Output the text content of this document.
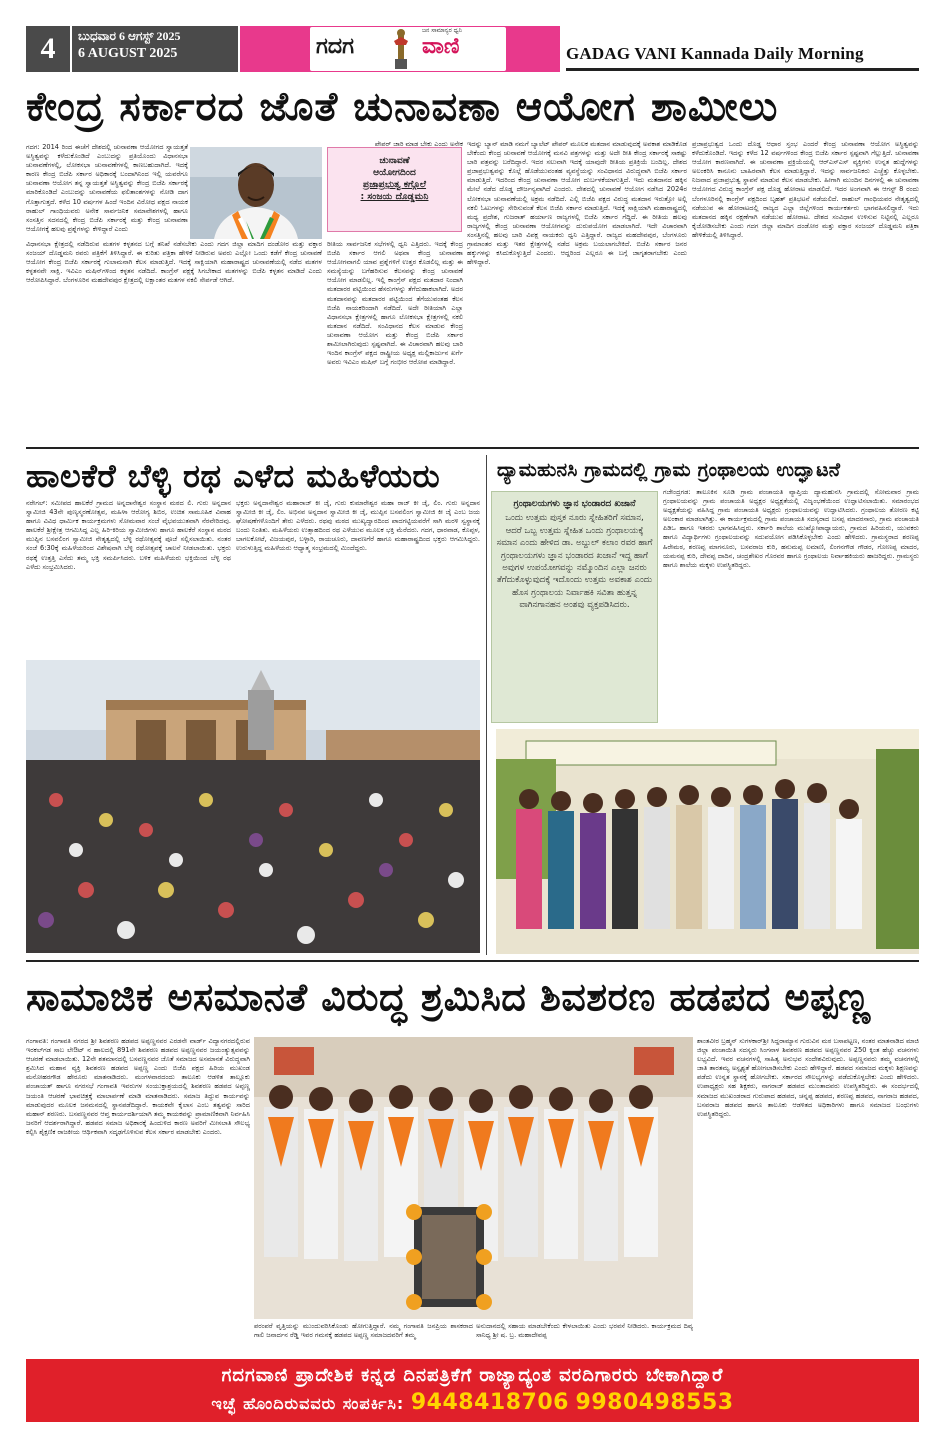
4	ಬುಧವಾರ 6 ಆಗಸ್ಟ್ 2025
6 AUGUST 2025	ಗದಗ
ಜನ ಸಾಮಾನ್ಯರ ಧ್ವನಿ
ವಾಣಿ	GADAG VANI Kannada Daily Morning
ಕೇಂದ್ರ ಸರ್ಕಾರದ ಜೊತೆ ಚುನಾವಣಾ ಆಯೋಗ ಶಾಮೀಲು
ಗದಗ: 2014 ರಿಂದ ಈಚೆಗೆ ದೇಶದಲ್ಲಿ ಚುನಾವಣಾ ಆಯೋಗದ ಸ್ವಾಯತ್ತತೆ ಅಸ್ಥಿತ್ವವನ್ನು ಕಳೆದುಕೊಂಡಿದೆ ಎಂಬುದನ್ನು ಪ್ರತಿಯೊಂದು ವಿಧಾನಸಭಾ ಚುನಾವಣೆಗಳಲ್ಲಿ, ಲೋಕಸಭಾ ಚುನಾವಣೆಗಳಲ್ಲಿ ಕಾಣಬಹುದಾಗಿದೆ. ಇದಕ್ಕೆ ಕಾರಣ ಕೇಂದ್ರ ಬಿಜೆಪಿ ಸರ್ಕಾರ ಅಧಿಕಾರಕ್ಕೆ ಬಂದಾಗಿನಿಂದ ಇಲ್ಲಿ ಯವರೆಗೂ ಚುನಾವಣಾ ಆಯೋಗ ತನ್ನ ಸ್ವಾಯತ್ತತೆ ಅಸ್ಥಿತ್ವವನ್ನು ಕೇಂದ್ರ ಬಿಜೆಪಿ ಸರ್ಕಾರಕ್ಕೆ ಮಾರಿಕೊಂಡಿದೆ ಎಂಬುದನ್ನು ಚುನಾವಣೆಯ ಫಲಿತಾಂಶಗಳನ್ನು ನೋಡಿ ದಾಗ ಗೊತ್ತಾಗುತ್ತದೆ. ಕಳೆದ 10 ವರ್ಷಗಳ ಹಿಂದೆ ಇಂದಿನ ವಿರೋಧ ಪಕ್ಷದ ನಾಯಕ ರಾಹುಲ್ ಗಾಂಧಿಯವರು ಅನೇಕ ಸಾರ್ವಜನಿಕ ಸಮಾವೇಶಗಳಲ್ಲಿ ಹಾಗೂ ಸಂಸತ್ತಿನ ಸದನದಲ್ಲಿ ಕೇಂದ್ರ ಬಿಜೆಪಿ ಸರ್ಕಾರಕ್ಕೆ ಮತ್ತು ಕೇಂದ್ರ ಚುನಾವಣಾ ಆಯೋಗಕ್ಕೆ ಹಲವು ಪ್ರಶ್ನೆಗಳನ್ನು ಕೇಳಿದ್ದಾರೆ ಎಂದು
ಚುನಾವಣೆ
ಆಯೋಗದಿಂದ
ಪ್ರಜಾಪ್ರಭುತ್ವ ಕಗ್ಗೊಲೆ
: ಸಂಜಯ ದೊಡ್ಡಮನಿ
ಪೇಪರ್ ಜಾರಿ ಮಾಡ ಬೇಕು ಎಂದು ಅನೇಕ
ವಿಧಾನಸಭಾ ಕ್ಷೇತ್ರದಲ್ಲಿ ನಡೆದಿರುವ ಮತಗಳ ಕಳ್ಳತನದ ಬಗ್ಗೆ ತನಿಖೆ ನಡೆಸಬೇಕು ಎಂದು ಗದಗ ಜಿಲ್ಲಾ ಮಾದಿಗ ದಂಡೋರ ಮತ್ತು ವಕ್ತಾರ ಸಂಜಯ್ ದೊಡ್ಡಮನಿ ರವರು ಪತ್ರಿಕೆಗೆ ತಿಳಿಸಿದ್ದಾರೆ. ಈ ಕುರಿತು ಪತ್ರಿಕಾ ಹೇಳಿಕೆ ನೀಡಿರುವ ಅವರು ಎಲ್ಲೋ ಒಂದು ಕಡೆಗೆ ಕೇಂದ್ರ ಚುನಾವಣೆ ಆಯೋಗ ಕೇಂದ್ರ ಬಿಜೆಪಿ ಸರ್ಕಾರಕ್ಕೆ ಗುಲಾಮನಾಗಿ ಕೆಲಸ ಮಾಡುತ್ತಿದೆ. ಇದಕ್ಕೆ ಸಾಕ್ಷಿಯಾಗಿ ಮಹಾರಾಷ್ಟ್ರದ ಚುನಾವಣೆಯಲ್ಲಿ ನಡೆದ ಮತಗಳ ಕಳ್ಳತನವೇ ಸಾಕ್ಷಿ. ಇವಿಎಂ ಮಷಿನ್‌ಗಳಿಂದ ಕಳ್ಳತನ ನಡೆದಿದೆ. ಕಾಂಗ್ರೆಸ್ ಪಕ್ಷಕ್ಕೆ ಸಿಗಬೇಕಾದ ಮತಗಳನ್ನು ಬಿಜೆಪಿ ಕಳ್ಳತನ ಮಾಡಿದೆ ಎಂದು ಆರೋಪಿಸಿದ್ದಾರೆ. ಬೆಂಗಳೂರಿನ ಮಹದೇವಪುರ ಕ್ಷೇತ್ರದಲ್ಲಿ ಲಕ್ಷಾಂತರ ಮತಗಳ ನಕಲಿ ಸೇರ್ಪಡೆ ಆಗಿದೆ.
ರೀತಿಯ ಸಾರ್ವಜನಿಕ ಸಭೆಗಳಲ್ಲಿ ಧ್ವನಿ ಎತ್ತಿದರು. ಇದಕ್ಕೆ ಕೇಂದ್ರ ಬಿಜೆಪಿ ಸರ್ಕಾರ ಆಗಲಿ ಅಥವಾ ಕೇಂದ್ರ ಚುನಾವಣಾ ಆಯೋಗವಾಗಲಿ ಯಾವ ಪ್ರಶ್ನೆಗಳಿಗೆ ಉತ್ತರ ಕೊಡಲಿಲ್ಲ ಮತ್ತು ಈ ಸಮಸ್ಯೆಯನ್ನು ಬಗೆಹರಿಸುವ ಕೆಲಸವನ್ನು ಕೇಂದ್ರ ಚುನಾವಣೆ ಆಯೋಗ ಮಾಡಲಿಲ್ಲ. ಇಲ್ಲಿ ಕಾಂಗ್ರೆಸ್ ಪಕ್ಷದ ಮತದಾರ ನಿಂದಾಗಿ ಮತದಾರರ ಪಟ್ಟಿಯಿಂದ ಹೆಸರುಗಳನ್ನು ತೆಗೆದುಹಾಕಲಾಗಿದೆ. ಅದರ ಮತದಾನವನ್ನು ಮತದಾರರ ಪಟ್ಟಿಯಿಂದ ತೆಗೆಯುವಂತಹ ಕೆಲಸ ಬಿಜೆಪಿ ನಾಯಕರಿಂದಾಗಿ ನಡೆದಿದೆ. ಅದೇ ರೀತಿಯಾಗಿ ಎಲ್ಲಾ ವಿಧಾನಸಭಾ ಕ್ಷೇತ್ರಗಳಲ್ಲಿ ಹಾಗೂ ಲೋಕಸಭಾ ಕ್ಷೇತ್ರಗಳಲ್ಲಿ ನಕಲಿ ಮತದಾನ ನಡೆದಿದೆ. ಸಂವಿಧಾನದ ಕೆಲಸ ಮಾಡುವ ಕೇಂದ್ರ ಚುನಾವಣಾ ಆಯೋಗ ಮತ್ತು ಕೇಂದ್ರ ಬಿಜೆಪಿ ಸರ್ಕಾರ ಶಾಮೀಲಾಗಿರುವುದು ಸ್ಪಷ್ಟವಾಗಿದೆ. ಈ ವಿಚಾರವಾಗಿ ಹಲವು ಬಾರಿ ಇಂದಿನ ಕಾಂಗ್ರೆಸ್ ಪಕ್ಷದ ರಾಷ್ಟ್ರೀಯ ಅಧ್ಯಕ್ಷ ಮಲ್ಲಿಕಾರ್ಜುನ ಖರ್ಗೆ ಅವರು ಇವಿಎಂ ಮಷಿನ್ ಬಗ್ಗೆ ಗಂಭೀರ ಆರೋಪ ಮಾಡಿದ್ದಾರೆ.
ಇದನ್ನು ಬ್ಯಾನ್ ಮಾಡಿ ನಮಗೆ ಬ್ಯಾಲೆಟ್ ಪೇಪರ್ ಮೂಲಕ ಮತದಾನ ಮಾಡುವುದಕ್ಕೆ ಅವಕಾಶ ಮಾಡಿಕೊಡ ಬೇಕೆಂದು ಕೇಂದ್ರ ಚುನಾವಣೆ ಆಯೋಗಕ್ಕೆ ಮನವಿ ಪತ್ರಗಳನ್ನು ಮತ್ತು ಅದೇ ರೀತಿ ಕೇಂದ್ರ ಸರ್ಕಾರಕ್ಕೆ ಸಾಕಷ್ಟು ಬಾರಿ ಪತ್ರವನ್ನು ಬರೆದಿದ್ದಾರೆ. ಇದರ ಸಲುವಾಗಿ ಇದಕ್ಕೆ ಯಾವುದೇ ರೀತಿಯ ಪ್ರತಿಕ್ರಿಯೆ ಬಂದಿಲ್ಲ. ದೇಶದ ಪ್ರಜಾಪ್ರಭುತ್ವವನ್ನು ಕೊಲ್ಲೆ ಹೊಡೆಯುವಂತಹ ವ್ಯವಸ್ಥೆಯನ್ನು ಸಂವಿಧಾನದ ವಿರುದ್ಧವಾಗಿ ಬಿಜೆಪಿ ಸರ್ಕಾರ ಮಾಡುತ್ತಿದೆ. ಇದರಿಂದ ಕೇಂದ್ರ ಚುನಾವಣಾ ಆಯೋಗ ದುರ್ಬಳಕೆಯಾಗುತ್ತಿದೆ. ಇದು ಮತದಾನದ ಹಕ್ಕಿನ ಮೇಲೆ ನಡೆದ ದೊಡ್ಡ ದೌರ್ಜನ್ಯವಾಗಿದೆ ಎಂದರು. ದೇಶದಲ್ಲಿ ಚುನಾವಣೆ ಆಯೋಗ ನಡೆಸಿದ 2024ರ ಲೋಕಸಭಾ ಚುನಾವಣೆಯಲ್ಲಿ ಅಕ್ರಮ ನಡೆದಿದೆ. ಎಲ್ಲಿ ಬಿಜೆಪಿ ಪಕ್ಷದ ವಿರುದ್ಧ ಮತದಾನ ಇರುತ್ತೋ ಅಲ್ಲಿ ನಕಲಿ ಓಟುಗಳನ್ನು ಸೇರಿಸುವಂತೆ ಕೆಲಸ ಬಿಜೆಪಿ ಸರ್ಕಾರ ಮಾಡುತ್ತಿದೆ. ಇದಕ್ಕೆ ಸಾಕ್ಷಿಯಾಗಿ ಮಹಾರಾಷ್ಟ್ರದಲ್ಲಿ ಮಧ್ಯ ಪ್ರದೇಶ, ಗುಜರಾತ್ ಹರ್ಯಾಣ ರಾಜ್ಯಗಳಲ್ಲಿ ಬಿಜೆಪಿ ಸರ್ಕಾರ ಗೆದ್ದಿದೆ. ಈ ರೀತಿಯ ಹಲವು ರಾಜ್ಯಗಳಲ್ಲಿ ಕೇಂದ್ರ ಚುನಾವಣಾ ಆಯೋಗವನ್ನು ದುರುಪಯೋಗ ಮಾಡಲಾಗಿದೆ. ಇದೇ ವಿಚಾರವಾಗಿ ಸಂಸತ್ತಿನಲ್ಲಿ ಹಲವು ಬಾರಿ ವಿಪಕ್ಷ ನಾಯಕರು ಧ್ವನಿ ಎತ್ತಿದ್ದಾರೆ. ರಾಜ್ಯದ ಮಹದೇವಪುರ, ಬೆಂಗಳೂರು ಗ್ರಾಮಾಂತರ ಮತ್ತು ಇತರ ಕ್ಷೇತ್ರಗಳಲ್ಲಿ ನಡೆದ ಅಕ್ರಮ ಬಯಲಾಗಬೇಕಿದೆ. ಬಿಜೆಪಿ ಸರ್ಕಾರ ಜನರ ಹಕ್ಕುಗಳನ್ನು ಕಸಿದುಕೊಳ್ಳುತ್ತಿದೆ ಎಂದರು. ಆದ್ದರಿಂದ ಎಲ್ಲರೂ ಈ ಬಗ್ಗೆ ಜಾಗೃತರಾಗಬೇಕು ಎಂದು ಹೇಳಿದ್ದಾರೆ.
ಪ್ರಜಾಪ್ರಭುತ್ವದ ಒಂದು ದೊಡ್ಡ ಆಧಾರ ಸ್ತಂಭ ಎಂದರೆ ಕೇಂದ್ರ ಚುನಾವಣಾ ಆಯೋಗ ಅಸ್ಥಿತ್ವವನ್ನು ಕಳೆದುಕೊಂಡಿದೆ. ಇದನ್ನು ಕಳೆದ 12 ವರ್ಷಗಳಿಂದ ಕೇಂದ್ರ ಬಿಜೆಪಿ ಸರ್ಕಾರ ಸ್ಪಷ್ಟವಾಗಿ ಗೆಲ್ಲುತ್ತಿದೆ. ಚುನಾವಣಾ ಆಯೋಗ ಕಾರಣವಾಗಿದೆ. ಈ ಚುನಾವಣಾ ಪ್ರಕ್ರಿಯೆಯಲ್ಲಿ ಆರ್‌ಎಸ್‌ಎಸ್ ವ್ಯಕ್ತಿಗಳು ಉನ್ನತ ಹುದ್ದೆಗಳನ್ನು ಅಲಂಕರಿಸಿ ಕಾನೂನು ಬಾಹಿರವಾಗಿ ಕೆಲಸ ಮಾಡುತ್ತಿದ್ದಾರೆ. ಇದನ್ನು ಸಾರ್ವಜನಿಕರು ಎಚ್ಚೆತ್ತು ಕೊಳ್ಳಬೇಕು. ನಿಜವಾದ ಪ್ರಜಾಪ್ರಭುತ್ವ ಸ್ಥಾಪನೆ ಮಾಡುವ ಕೆಲಸ ಮಾಡಬೇಕು. ಹೀಗಾಗಿ ಮುಂದಿನ ದಿನಗಳಲ್ಲಿ ಈ ಚುನಾವಣಾ ಆಯೋಗದ ವಿರುದ್ಧ ಕಾಂಗ್ರೆಸ್ ಪಕ್ಷ ದೊಡ್ಡ ಹೋರಾಟ ಮಾಡಲಿದೆ. ಇದರ ಅಂಗವಾಗಿ ಈ ಆಗಸ್ಟ್ 8 ರಂದು ಬೆಂಗಳೂರಿನಲ್ಲಿ ಕಾಂಗ್ರೆಸ್ ಪಕ್ಷದಿಂದ ಬೃಹತ್ ಪ್ರತಿಭಟನೆ ನಡೆಯಲಿದೆ. ರಾಹುಲ್ ಗಾಂಧಿಯವರ ನೇತೃತ್ವದಲ್ಲಿ ನಡೆಯುವ ಈ ಹೋರಾಟದಲ್ಲಿ ರಾಜ್ಯದ ಎಲ್ಲಾ ಜಿಲ್ಲೆಗಳಿಂದ ಕಾರ್ಯಕರ್ತರು ಭಾಗವಹಿಸಲಿದ್ದಾರೆ. ಇದು ಮತದಾನದ ಹಕ್ಕಿನ ರಕ್ಷಣೆಗಾಗಿ ನಡೆಯುವ ಹೋರಾಟ. ದೇಶದ ಸಂವಿಧಾನ ಉಳಿಸುವ ನಿಟ್ಟಿನಲ್ಲಿ ಎಲ್ಲರೂ ಕೈಜೋಡಿಸಬೇಕು ಎಂದು ಗದಗ ಜಿಲ್ಲಾ ಮಾದಿಗ ದಂಡೋರ ಮತ್ತು ವಕ್ತಾರ ಸಂಜಯ್ ದೊಡ್ಡಮನಿ ಪತ್ರಿಕಾ ಹೇಳಿಕೆಯಲ್ಲಿ ತಿಳಿಸಿದ್ದಾರೆ.
ಹಾಲಕೆರೆ ಬೆಳ್ಳಿ ರಥ ಎಳೆದ ಮಹಿಳೆಯರು
ನರೇಗಲ್: ಸಮೀಪದ ಹಾಲಕೆರೆ ಗ್ರಾಮದ ಅನ್ನದಾನೇಶ್ವರ ಸಂಸ್ಥಾನ ಮಠದ ಲಿ. ಗುರು ಅನ್ನದಾನ ಸ್ವಾಮೀಜಿ 43ನೇ ಪುಣ್ಯಸ್ಮರಣೋತ್ಸವ, ಮಹಿಳಾ ಆರೋಗ್ಯ ಶಿಬಿರ, ಉಚಿತ ಸಾಮೂಹಿಕ ವಿವಾಹ ಹಾಗೂ ವಿವಿಧ ಧಾರ್ಮಿಕ ಕಾರ್ಯಕ್ರಮಗಳು ಸೋಮವಾರ ಸಂಜೆ ವೈಭವಯುತವಾಗಿ ನೆರವೇರಿದವು. ಹಾಲಕೆರೆ ಶ್ರೀಕ್ಷೇತ್ರ ಆಗಮಿಸಿದ್ದ ಎಲ್ಲ ಹಿರಿ-ಕಿರಿಯ ಸ್ವಾಮೀಜಿಗಳು ಹಾಗೂ ಹಾಲಕೆರೆ ಸಂಸ್ಥಾನ ಮಠದ ಮುಪ್ಪಿನ ಬಸವಲಿಂಗ ಸ್ವಾಮೀಜಿ ನೇತೃತ್ವದಲ್ಲಿ ಬೆಳ್ಳಿ ರಥೋತ್ಸವಕ್ಕೆ ಪೂಜೆ ಸಲ್ಲಿಸಲಾಯಿತು. ನಂತರ ಸಂಜೆ 6:30ಕ್ಕೆ ಮಹಿಳೆಯರಿಂದ ವಿಶೇಷವಾಗಿ ಬೆಳ್ಳಿ ರಥೋತ್ಸವಕ್ಕೆ ಚಾಲನೆ ನೀಡಲಾಯಿತು. ಭಕ್ತರು ರಥಕ್ಕೆ ಉತ್ತತ್ತಿ ಎಸೆದು ತಮ್ಮ ಭಕ್ತಿ ಸಮರ್ಪಿಸಿದರು. ಬಳಿಕ ಮಹಿಳೆಯರು ಭಕ್ತಿಯಿಂದ ಬೆಳ್ಳಿ ರಥ ಎಳೆದು ಸಂಭ್ರಮಿಸಿದರು.
ಭಕ್ತರು ಅನ್ನದಾನೇಶ್ವರ ಮಹಾರಾಜ್ ಕೀ ಜೈ, ಗುರು ಕುಮಾರೇಶ್ವರ ಮಹಾ ರಾಜ್ ಕೀ ಜೈ, ಲಿಂ. ಗುರು ಅನ್ನದಾನ ಸ್ವಾಮೀಜಿ ಕೀ ಜೈ, ಲಿಂ. ಅಭಿನವ ಅನ್ನದಾನ ಸ್ವಾಮೀಜಿ ಕೀ ಜೈ, ಮುಪ್ಪಿನ ಬಸವಲಿಂಗ ಸ್ವಾಮೀಜಿ ಕೀ ಜೈ ಎಂಬ ಜಯ ಘೋಷಣೆಗಳೊಂದಿಗೆ ತೇರು ಎಳೆದರು. ರಥವು ಮಠದ ಮುಖ್ಯದ್ವಾರದಿಂದ ಪಾದಗಟ್ಟಿಯವರೆಗೆ ಸಾಗಿ ಮರಳಿ ಸ್ವಸ್ಥಾನಕ್ಕೆ ಬಂದು ನಿಂತಿತು. ಮಹಿಳೆಯರು ಉತ್ಸಾಹದಿಂದ ರಥ ಎಳೆಯುವ ಮೂಲಕ ಭಕ್ತಿ ಮೆರೆದರು. ಗದಗ, ಧಾರವಾಡ, ಕೊಪ್ಪಳ, ಬಾಗಲಕೋಟೆ, ವಿಜಯಪುರ, ಬಳ್ಳಾರಿ, ರಾಯಚೂರು, ದಾವಣಗೆರೆ ಹಾಗೂ ಮಹಾರಾಷ್ಟ್ರದಿಂದ ಭಕ್ತರು ಆಗಮಿಸಿದ್ದರು. ಉರುಳುತ್ತಿದ್ದ ಮಹಿಳೆಯರು ಆಧ್ಯಾತ್ಮ ಸಂಭ್ರಮದಲ್ಲಿ ಮಿಂದೆದ್ದರು.
ದ್ಯಾಮಹುನಸಿ ಗ್ರಾಮದಲ್ಲಿ ಗ್ರಾಮ ಗ್ರಂಥಾಲಯ ಉದ್ಘಾಟನೆ
ಗ್ರಂಥಾಲಯಗಳು ಜ್ಞಾನ ಭಂಡಾರದ ಖಜಾನೆ
ಒಂದು ಉತ್ತಮ ಪುಸ್ತಕ ನೂರು ಸ್ನೇಹಿತರಿಗೆ ಸಮಾನ, ಆದರೆ ಒಬ್ಬ ಉತ್ತಮ ಸ್ನೇಹಿತ ಒಂದು ಗ್ರಂಥಾಲಯಕ್ಕೆ ಸಮಾನ ಎಂದು ಹೇಳಿದ ಡಾ. ಅಬ್ದುಲ್ ಕಲಾಂ ರವರ ಹಾಗೆ ಗ್ರಂಥಾಲಯಗಳು ಜ್ಞಾನ ಭಂಡಾರದ ಖಜಾನೆ ಇದ್ದ ಹಾಗೆ ಅವುಗಳ ಉಪಯೋಗವನ್ನು ನಮ್ಮೊಂದಿನ ಎಲ್ಲಾ ಜನರು ತೆಗೆದುಕೊಳ್ಳುವುದಕ್ಕೆ ಇದೊಂದು ಉತ್ತಮ ಅವಕಾಶ ಎಂದು ಹೊಸ ಗ್ರಂಥಾಲಯ ನಿರ್ವಾಹಕಿ ಸವಿತಾ ಹುತ್ತನ್ನ ವಾಗಿನಗಾನಹನ ಅಂಶವು ವ್ಯಕ್ತಪಡಿಸಿದರು.
ಗಜೇಂದ್ರಗಡ: ತಾಲೂಕಿನ ಸೂಡಿ ಗ್ರಾಮ ಪಂಚಾಯತಿ ವ್ಯಾಪ್ತಿಯ ದ್ಯಾಮಹುನಸಿ ಗ್ರಾಮದಲ್ಲಿ ಸೋಮವಾರ ಗ್ರಾಮ ಗ್ರಂಥಾಲಯವನ್ನು ಗ್ರಾಮ ಪಂಚಾಯತಿ ಅಧ್ಯಕ್ಷರ ಅಧ್ಯಕ್ಷತೆಯಲ್ಲಿ ವಿಜೃಂಭಣೆಯಿಂದ ಉದ್ಘಾಟಿಸಲಾಯಿತು. ಸಮಾರಂಭದ ಅಧ್ಯಕ್ಷತೆಯನ್ನು ವಹಿಸಿದ್ದ ಗ್ರಾಮ ಪಂಚಾಯತಿ ಅಧ್ಯಕ್ಷರು ಗ್ರಂಥಾಲಯವನ್ನು ಉದ್ಘಾಟಿಸಿದರು. ಗ್ರಂಥಾಲಯ ತೋರಣ ಕಟ್ಟಿ ಅಲಂಕಾರ ಮಾಡಲಾಗಿತ್ತು. ಈ ಕಾರ್ಯಕ್ರಮದಲ್ಲಿ ಗ್ರಾಮ ಪಂಚಾಯತಿ ಸದಸ್ಯರಾದ ಬಸಪ್ಪ ಮಾದರಸಾರು, ಗ್ರಾಮ ಪಂಚಾಯತಿ ಪಿಡಿಒ ಹಾಗೂ ಇತರರು ಭಾಗವಹಿಸಿದ್ದರು. ಸರ್ಕಾರಿ ಶಾಲೆಯ ಮುಖ್ಯೋಪಾಧ್ಯಾಯರು, ಗ್ರಾಮದ ಹಿರಿಯರು, ಯುವಕರು ಹಾಗೂ ವಿದ್ಯಾರ್ಥಿಗಳು ಗ್ರಂಥಾಲಯವನ್ನು ಸದುಪಯೋಗ ಪಡಿಸಿಕೊಳ್ಳಬೇಕು ಎಂದು ಹೇಳಿದರು. ಗ್ರಾಮಸ್ಥರಾದ ಶರಣಪ್ಪ ಹಿರೇಮಠ, ಶರಣಪ್ಪ ಮಾಗನೂರು, ಬಸವರಾಜ ಕುರಿ, ಹನುಮಪ್ಪ ಲಮಾಣಿ, ಲಿಂಗನಗೌಡ ಗೌಡರ, ಗೋಣಪ್ಪ ಮಾದರ, ಯಮನಪ್ಪ ಕುರಿ, ದೇವಪ್ಪ ದಾದಿನ, ಚಂದ್ರಶೇಖರ ಗೊರವರ ಹಾಗೂ ಗ್ರಂಥಾಲಯ ನಿರ್ವಾಹಕಿಯರು ಹಾಜರಿದ್ದರು. ಗ್ರಾಮಸ್ಥರು ಹಾಗೂ ಶಾಲೆಯ ಮಕ್ಕಳು ಉಪಸ್ಥಿತರಿದ್ದರು.
ಸಾಮಾಜಿಕ ಅಸಮಾನತೆ ವಿರುದ್ಧ ಶ್ರಮಿಸಿದ ಶಿವಶರಣ ಹಡಪದ ಅಪ್ಪಣ್ಣ
ಗಂಗಾವತಿ: ಗಂಗಾವತಿ ನಗರದ ಶ್ರೀ ಶಿವಶರಣ ಹಡಪದ ಅಪ್ಪಣ್ಣನವರ ಎರಡನೇ ವಾರ್ಡ್ ವಿದ್ಯಾನಗರದಲ್ಲಿರುವ ಇರಕಲ್‌ಗಡ ಸಾಬ ಲೇಔಟ್ ನ ಹಾಲದಲ್ಲಿ 891ನೇ ಶಿವಶರಣ ಹಡಪದ ಅಪ್ಪಣ್ಣನವರ ಜಯಂತ್ಯುತ್ಸವವನ್ನು ಆಚರಣೆ ಮಾಡಲಾಯಿತು. 12ನೇ ಶತಮಾನದಲ್ಲಿ ಬಸವಣ್ಣನವರ ಜೊತೆ ಸಮಾಜದ ಅಸಮಾನತೆ ವಿರುದ್ಧವಾಗಿ ಶ್ರಮಿಸಿದ ಮಹಾನ ವ್ಯಕ್ತಿ ಶಿವಶರಣ ಹಡಪದ ಅಪ್ಪಣ್ಣ ಎಂದು ಬಿಜೆಪಿ ಪಕ್ಷದ ಹಿರಿಯ ಮುಖಂಡ ಮನೋಹರಗೌಡ ಹೇರೂರು ಮಾತನಾಡಿದರು. ಮಂಗಳವಾರದಂದು ತಾಲೂಕು ಆಡಳಿತ ತಾಲ್ಲೂಕು ಪಂಚಾಯತ್ ಹಾಗೂ ನಗರಸಭೆ ಗಂಗಾವತಿ ಇವರುಗಳ ಸಂಯುಕ್ತಾಶ್ರಯದಲ್ಲಿ ಶಿವಶರಣ ಹಡಪದ ಅಪ್ಪಣ್ಣ ಜಯಂತಿ ಆಚರಣೆ ಭಾವಚಿತ್ರಕ್ಕೆ ಮಾಲಾರ್ಪಣೆ ಮಾಡಿ ಮಾತನಾಡಿದರು. ಸಮಾಜ ತಿದ್ದುವ ಕಾರ್ಯವನ್ನು ಮಾಡುವುದರ ಮೂಲಕ ಜನಮನದಲ್ಲಿ ಸ್ಥಾನಪಡೆದಿದ್ದಾರೆ. ಕಾಯಕವೇ ಕೈಲಾಸ ಎಂಬ ತತ್ವವನ್ನು ಸಾರಿದ ಮಹಾನ್ ಶರಣರು. ಬಸವಣ್ಣನವರ ಆಪ್ತ ಕಾರ್ಯದರ್ಶಿಯಾಗಿ ತಮ್ಮ ಕಾಯಕವನ್ನು ಪ್ರಾಮಾಣಿಕವಾಗಿ ನಿರ್ವಹಿಸಿ ಜನರಿಗೆ ಆದರ್ಶರಾಗಿದ್ದಾರೆ. ಹಡಪದ ಸಮಾಜ ಅಧಿಕಾರಕ್ಕೆ ಹಿಂದುಳಿದ ಕಾರಣ ಅವರಿಗೆ ಮೀಸಲಾತಿ ಸೌಲಭ್ಯ ಕಲ್ಪಿಸಿ ಶೈಕ್ಷಣಿಕ ರಾಜಕೀಯ ಆರ್ಥಿಕವಾಗಿ ಸದೃಢಗೊಳಿಸುವ ಕೆಲಸ ಸರ್ಕಾರ ಮಾಡಬೇಕು ಎಂದರು.
ಪರಂಪರೆ ವೃತ್ತಿಯನ್ನು ಮುಂದುವರಿಸಿಕೊಂಡು ಹೋಗುತ್ತಿದ್ದಾರೆ. ನಮ್ಮ ಗಂಗಾವತಿ ಜನಪ್ರಿಯ ಶಾಸಕರಾದ ಗಾಲಿ ಜನಾರ್ದನ ರೆಡ್ಡಿ ಇವರ ಗಮನಕ್ಕೆ ಹಡಪದ ಅಪ್ಪಣ್ಣ ಸಮಾಜದವರಿಗೆ ತಮ್ಮ
ಅನುದಾನದಲ್ಲಿ ಸಹಾಯ ಮಾಡಬೇಕೆಂದು ಕೇಳಲಾಯಿತು ಎಂದು ಭರವಸೆ ನೀಡಿದರು. ಕಾರ್ಯಕ್ರಮದ ದಿವ್ಯ ಸಾನಿಧ್ಯ ಶ್ರೀ ಷ. ಬ್ರ. ಮಹಾದೇವಪ್ಪ
ಶಾಂತವೀರ ಬ್ರಹ್ಮನ್ ಸುಗಳಕಾರ್‌ಶ್ರೀ ಸಿದ್ದರಾಮ್ಯಾನ ಗುರುವಿನ ಮಠ ಬಸಾಪಟ್ಟಣ, ನಂತರ ಮಾತನಾಡಿದ ಮಾಜಿ ಜಿಲ್ಲಾ ಪಂಚಾಯಿತಿ ಸದಸ್ಯರು ಸಿಂಗನಾಳ ಶಿವಶರಣ ಹಡಪದ ಅಪ್ಪಣ್ಣನವರ 250 ಕ್ಕಿಂತ ಹೆಚ್ಚು ವಚನಗಳು ಲಭ್ಯವಿದೆ. ಇವರ ವಚನಗಳಲ್ಲಿ ಸಾಹಿತ್ಯ ಅನುಭವ ಸಂದೇಶವಿರುವುದು. ಅಪ್ಪಣ್ಣನವರು ತಮ್ಮ ವಚನಗಳಲ್ಲಿ ಜಾತಿ ತಾರತಮ್ಯ ಅಸ್ಪೃಶ್ಯತೆ ಹೋಗಲಾಡಿಸಬೇಕು ಎಂದು ಹೇಳಿದ್ದಾರೆ. ಹಡಪದ ಸಮಾಜದ ಮಕ್ಕಳು ಶಿಕ್ಷಣವನ್ನು ಪಡೆದು ಉನ್ನತ ಸ್ಥಾನಕ್ಕೆ ಹೋಗಬೇಕು. ಸರ್ಕಾರದ ಸೌಲಭ್ಯಗಳನ್ನು ಪಡೆದುಕೊಳ್ಳಬೇಕು ಎಂದು ಹೇಳಿದರು. ಉಪಾಧ್ಯಕ್ಷರು ಸಹ ಶಿಕ್ಷಕರು, ನಾಗರಾಜ್ ಹಡಪದ ಮುಂತಾದವರು ಉಪಸ್ಥಿತರಿದ್ದರು. ಈ ಸಂದರ್ಭದಲ್ಲಿ ಸಮಾಜದ ಮುಖಂಡರಾದ ಗುರುಪಾದ ಹಡಪದ, ಚನ್ನಪ್ಪ ಹಡಪದ, ಶರಣಪ್ಪ ಹಡಪದ, ನಾಗರಾಜ ಹಡಪದ, ಬಸವರಾಜ ಹಡಪದ ಹಾಗೂ ತಾಲೂಕು ಆಡಳಿತದ ಅಧಿಕಾರಿಗಳು ಹಾಗೂ ಸಮಾಜದ ಬಂಧುಗಳು ಉಪಸ್ಥಿತರಿದ್ದರು.
ಗದಗವಾಣಿ ಪ್ರಾದೇಶಿಕ ಕನ್ನಡ ದಿನಪತ್ರಿಕೆಗೆ ರಾಜ್ಯಾದ್ಯಂತ ವರದಿಗಾರರು ಬೇಕಾಗಿದ್ದಾರೆ
ಇಚ್ಛೆ ಹೊಂದಿರುವವರು ಸಂಪರ್ಕಿಸಿ: 9448418706 9980498553
